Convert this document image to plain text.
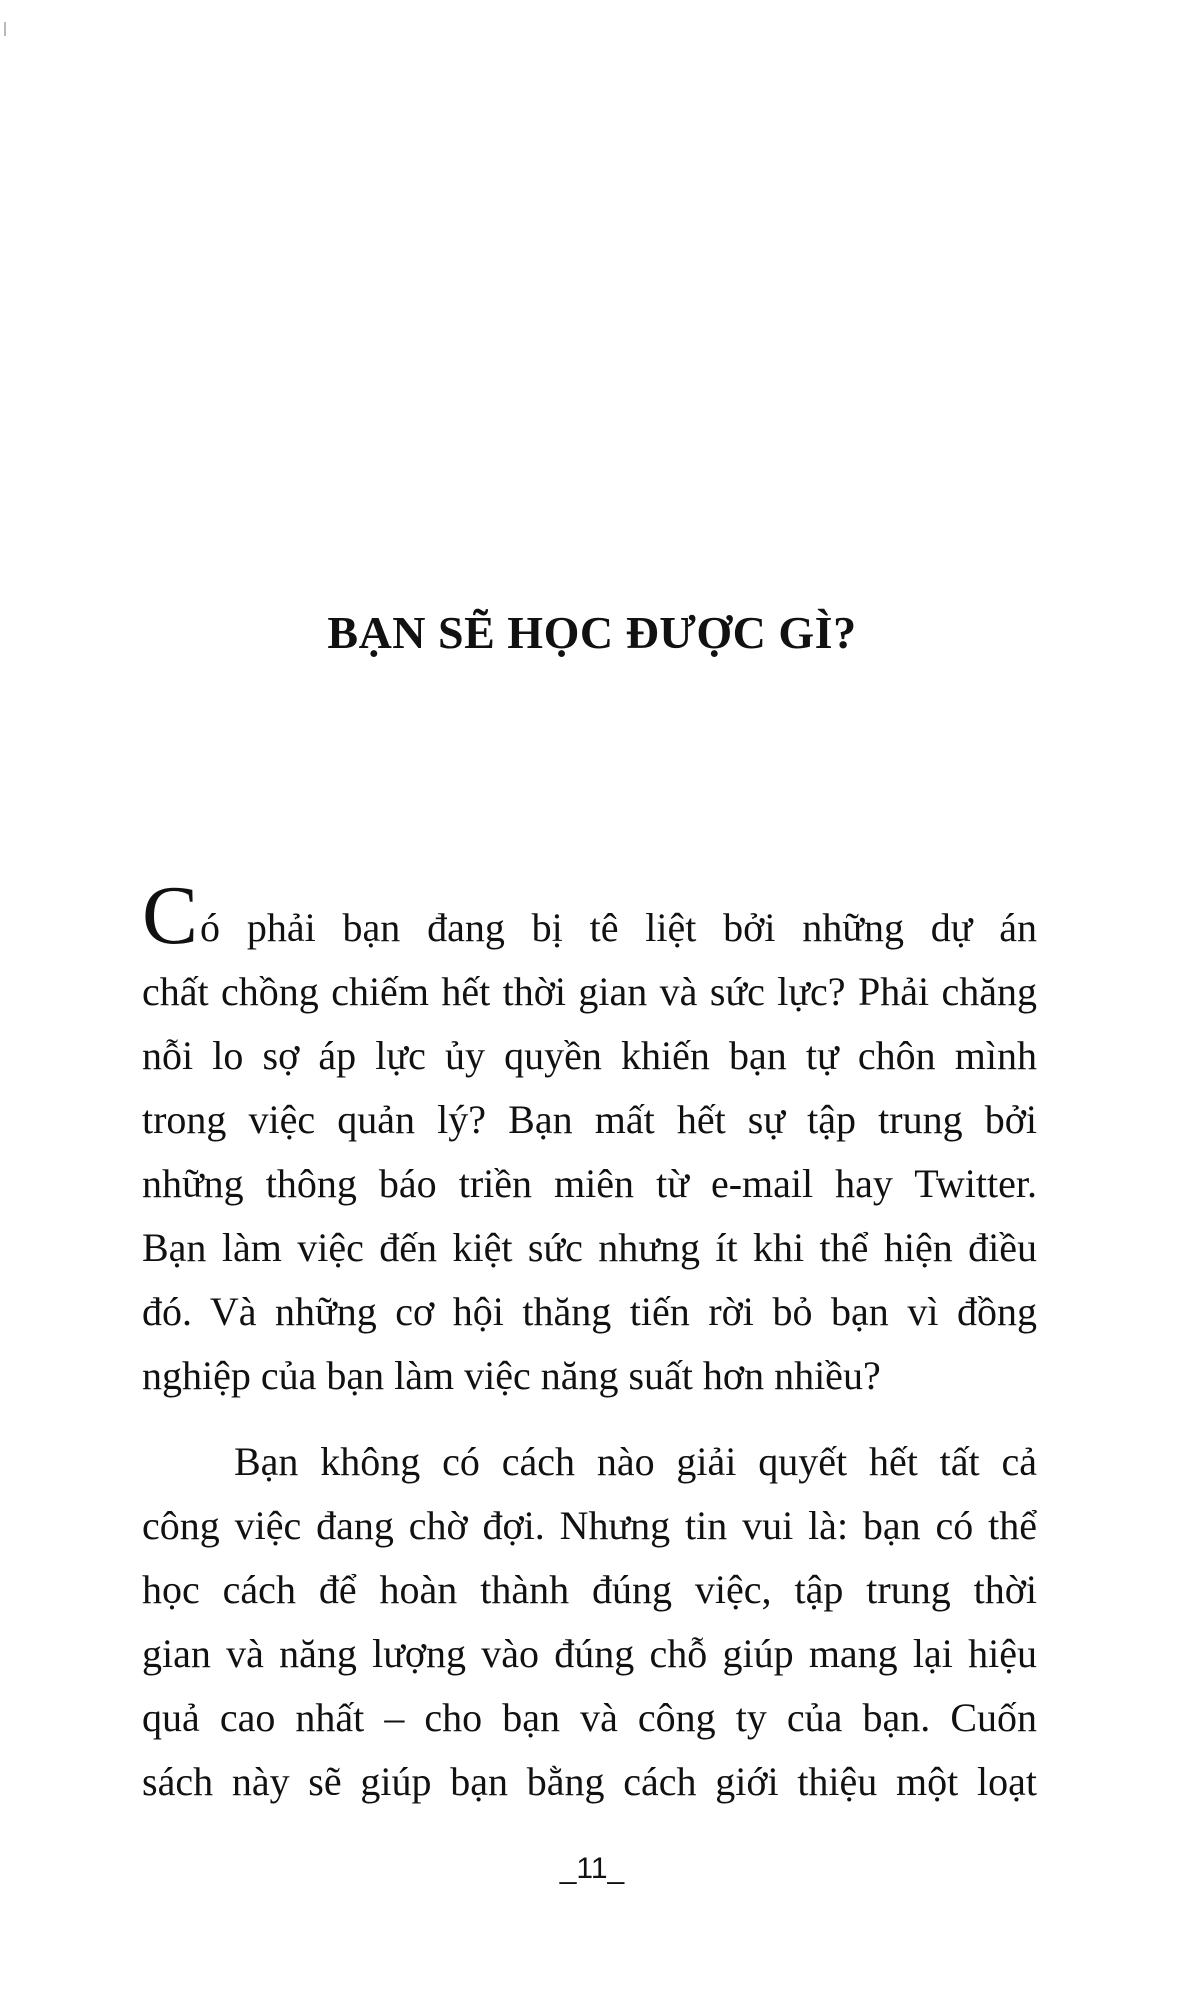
BẠN SẼ HỌC ĐƯỢC GÌ?

Có phải bạn đang bị tê liệt bởi những dự án
chất chồng chiếm hết thời gian và sức lực? Phải chăng
nỗi lo sợ áp lực ủy quyền khiến bạn tự chôn mình
trong việc quản lý? Bạn mất hết sự tập trung bởi
những thông báo triền miên từ e-mail hay Twitter.
Bạn làm việc đến kiệt sức nhưng ít khi thể hiện điều
đó. Và những cơ hội thăng tiến rời bỏ bạn vì đồng
nghiệp của bạn làm việc năng suất hơn nhiều?

Bạn không có cách nào giải quyết hết tất cả
công việc đang chờ đợi. Nhưng tin vui là: bạn có thể
học cách để hoàn thành đúng việc, tập trung thời
gian và năng lượng vào đúng chỗ giúp mang lại hiệu
quả cao nhất – cho bạn và công ty của bạn. Cuốn
sách này sẽ giúp bạn bằng cách giới thiệu một loạt

_11_
